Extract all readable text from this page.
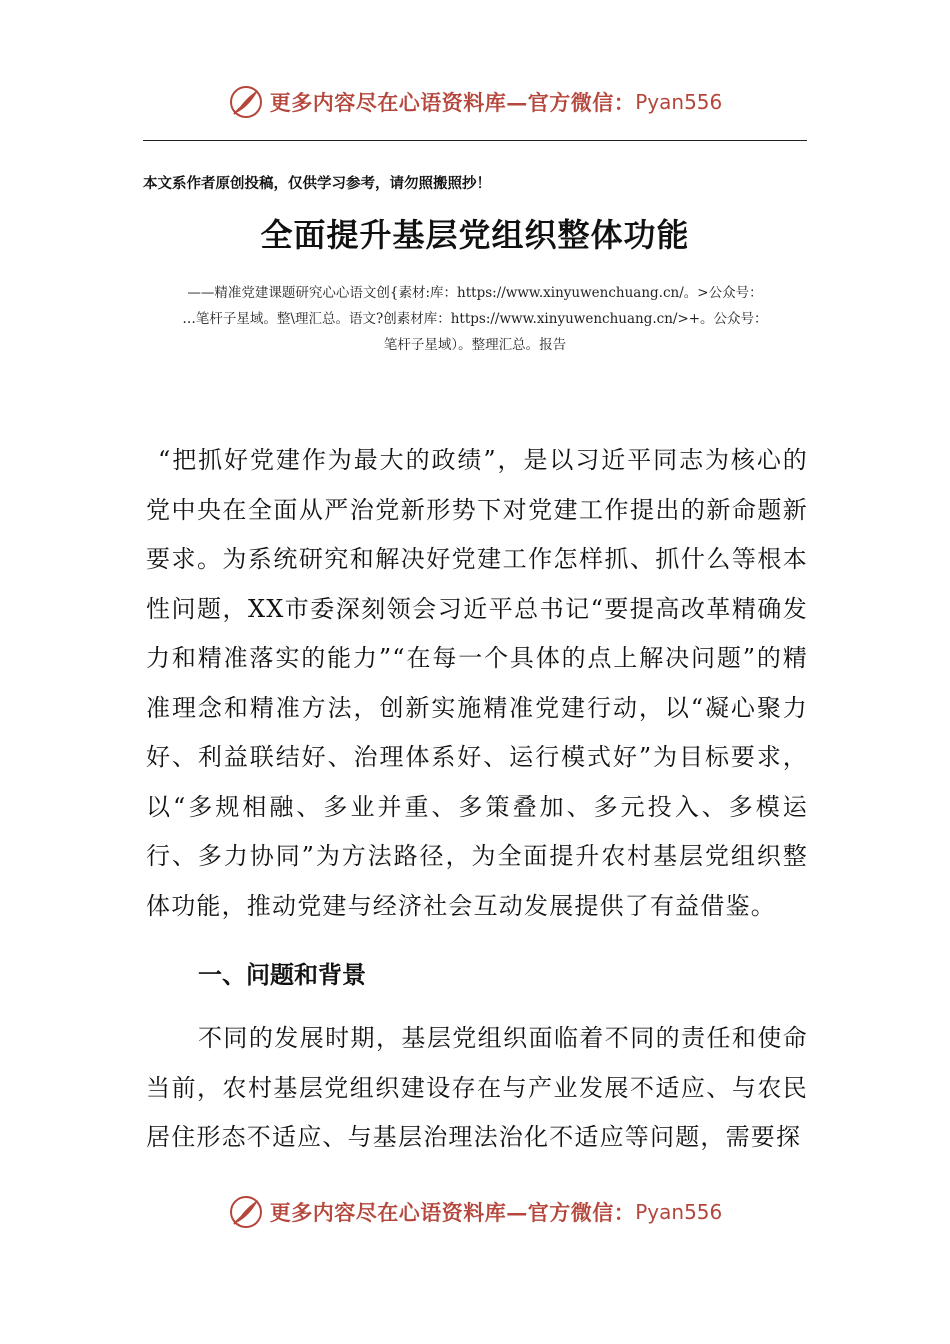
更多内容尽在心语资料库—官方微信： Pyan556
本文系作者原创投稿，仅供学习参考，请勿照搬照抄！
全面提升基层党组织整体功能
——精准党建课题研究心心语文创{素材:库：https://www.xinyuwenchuang.cn/。>公众号：
…笔杆子星域。整\理汇总。语文?创素材库：https://www.xinyuwenchuang.cn/>+。公众号：
笔杆子星域）。整理汇总。报告

“把抓好党建作为最大的政绩”，是以习近平同志为核心的党中央在全面从严治党新形势下对党建工作提出的新命题新要求。为系统研究和解决好党建工作怎样抓、抓什么等根本性问题，XX市委深刻领会习近平总书记“要提高改革精确发力和精准落实的能力”“在每一个具体的点上解决问题”的精准理念和精准方法，创新实施精准党建行动，以“凝心聚力好、利益联结好、治理体系好、运行模式好”为目标要求，以“多规相融、多业并重、多策叠加、多元投入、多模运行、多力协同”为方法路径，为全面提升农村基层党组织整体功能，推动党建与经济社会互动发展提供了有益借鉴。

一、问题和背景

不同的发展时期，基层党组织面临着不同的责任和使命当前，农村基层党组织建设存在与产业发展不适应、与农民居住形态不适应、与基层治理法治化不适应等问题，需要探

更多内容尽在心语资料库—官方微信： Pyan556
